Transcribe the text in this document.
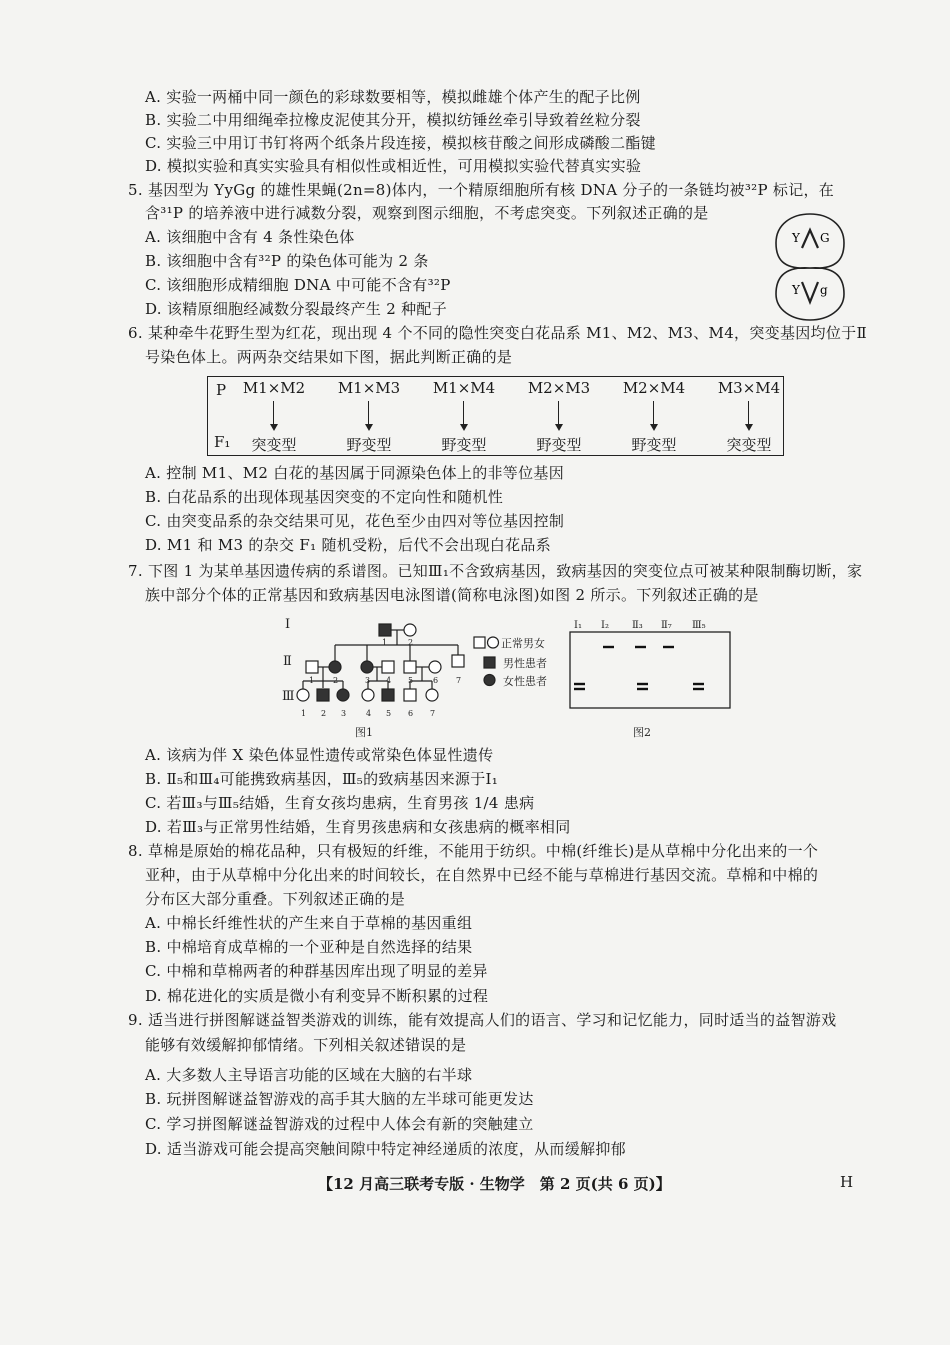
A. 实验一两桶中同一颜色的彩球数要相等，模拟雌雄个体产生的配子比例
B. 实验二中用细绳牵拉橡皮泥使其分开，模拟纺锤丝牵引导致着丝粒分裂
C. 实验三中用订书钉将两个纸条片段连接，模拟核苷酸之间形成磷酸二酯键
D. 模拟实验和真实实验具有相似性或相近性，可用模拟实验代替真实实验
5. 基因型为 YyGg 的雄性果蝇(2n=8)体内，一个精原细胞所有核 DNA 分子的一条链均被³²P 标记，在
含³¹P 的培养液中进行减数分裂，观察到图示细胞，不考虑突变。下列叙述正确的是
A. 该细胞中含有 4 条性染色体
B. 该细胞中含有³²P 的染色体可能为 2 条
C. 该细胞形成精细胞 DNA 中可能不含有³²P
D. 该精原细胞经减数分裂最终产生 2 种配子
Y G
Y g
6. 某种牵牛花野生型为红花，现出现 4 个不同的隐性突变白花品系 M1、M2、M3、M4，突变基因均位于Ⅱ
号染色体上。两两杂交结果如下图，据此判断正确的是
P
F₁
M1×M2	M1×M3	M1×M4	M2×M3	M2×M4	M3×M4
突变型	野变型	野变型	野变型	野变型	突变型
A. 控制 M1、M2 白花的基因属于同源染色体上的非等位基因
B. 白花品系的出现体现基因突变的不定向性和随机性
C. 由突变品系的杂交结果可见，花色至少由四对等位基因控制
D. M1 和 M3 的杂交 F₁ 随机受粉，后代不会出现白花品系
7. 下图 1 为某单基因遗传病的系谱图。已知Ⅲ₁不含致病基因，致病基因的突变位点可被某种限制酶切断，家
族中部分个体的正常基因和致病基因电泳图谱(简称电泳图)如图 2 所示。下列叙述正确的是
Ⅰ
Ⅱ
Ⅲ
1	2
1 2	3 4 5 6 7
1 2 3 4 5 6 7
图1
正常男女
男性患者
女性患者
Ⅰ₁ Ⅰ₂ Ⅱ₃ Ⅱ₇ Ⅲ₅
图2
A. 该病为伴 X 染色体显性遗传或常染色体显性遗传
B. Ⅱ₅和Ⅲ₄可能携致病基因，Ⅲ₅的致病基因来源于Ⅰ₁
C. 若Ⅲ₃与Ⅲ₅结婚，生育女孩均患病，生育男孩 1/4 患病
D. 若Ⅲ₃与正常男性结婚，生育男孩患病和女孩患病的概率相同
8. 草棉是原始的棉花品种，只有极短的纤维，不能用于纺织。中棉(纤维长)是从草棉中分化出来的一个
亚种，由于从草棉中分化出来的时间较长，在自然界中已经不能与草棉进行基因交流。草棉和中棉的
分布区大部分重叠。下列叙述正确的是
A. 中棉长纤维性状的产生来自于草棉的基因重组
B. 中棉培育成草棉的一个亚种是自然选择的结果
C. 中棉和草棉两者的种群基因库出现了明显的差异
D. 棉花进化的实质是微小有利变异不断积累的过程
9. 适当进行拼图解谜益智类游戏的训练，能有效提高人们的语言、学习和记忆能力，同时适当的益智游戏
能够有效缓解抑郁情绪。下列相关叙述错误的是
A. 大多数人主导语言功能的区域在大脑的右半球
B. 玩拼图解谜益智游戏的高手其大脑的左半球可能更发达
C. 学习拼图解谜益智游戏的过程中人体会有新的突触建立
D. 适当游戏可能会提高突触间隙中特定神经递质的浓度，从而缓解抑郁
【12 月高三联考专版 · 生物学　第 2 页(共 6 页)】	H
